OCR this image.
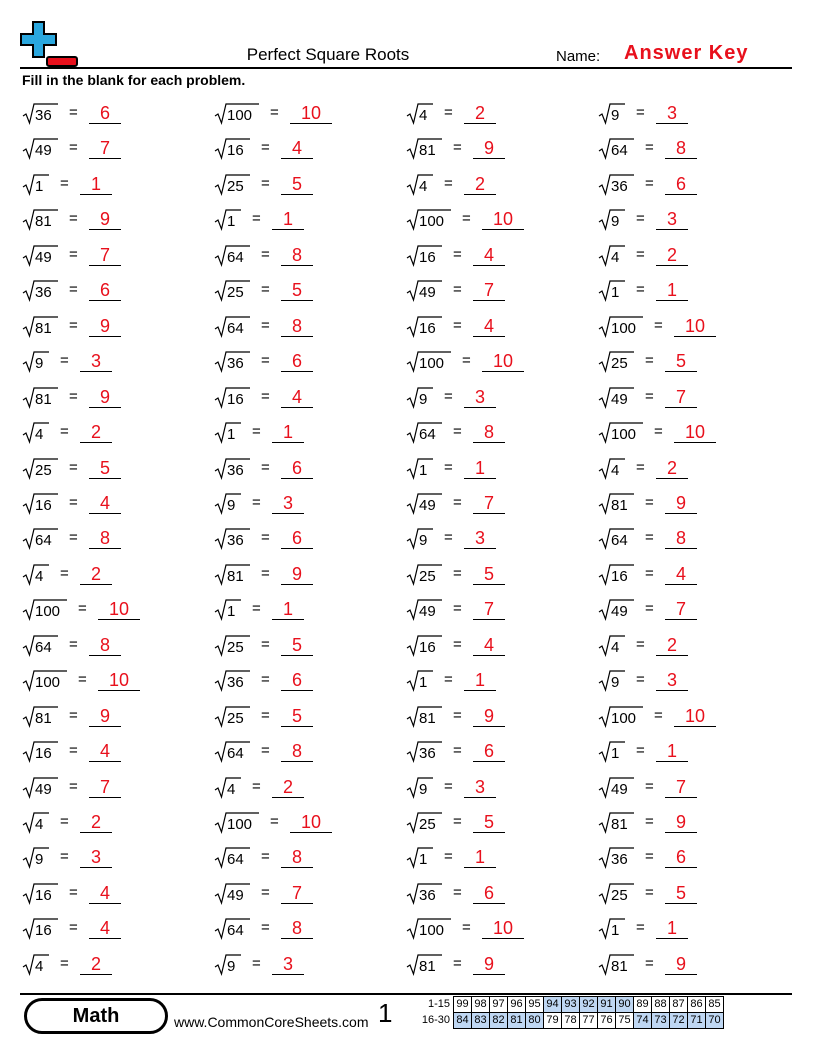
Perfect Square Roots	Name: Answer Key
Fill in the blank for each problem.
36 =	6	100 =	10	4 =	2	9 =	3
49 =	7	16 =	4	81 =	9	64 =	8
1 =	1	25 =	5	4 =	2	36 =	6
81 =	9	1 =	1	100 =	10	9 =	3
49 =	7	64 =	8	16 =	4	4 =	2
36 =	6	25 =	5	49 =	7	1 =	1
81 =	9	64 =	8	16 =	4	100 =	10
9 =	3	36 =	6	100 =	10	25 =	5
81 =	9	16 =	4	9 =	3	49 =	7
4 =	2	1 =	1	64 =	8	100 =	10
25 =	5	36 =	6	1 =	1	4 =	2
16 =	4	9 =	3	49 =	7	81 =	9
64 =	8	36 =	6	9 =	3	64 =	8
4 =	2	81 =	9	25 =	5	16 =	4
100 =	10	1 =	1	49 =	7	49 =	7
64 =	8	25 =	5	16 =	4	4 =	2
100 =	10	36 =	6	1 =	1	9 =	3
81 =	9	25 =	5	81 =	9	100 =	10
16 =	4	64 =	8	36 =	6	1 =	1
49 =	7	4 =	2	9 =	3	49 =	7
4 =	2	100 =	10	25 =	5	81 =	9
9 =	3	64 =	8	1 =	1	36 =	6
16 =	4	49 =	7	36 =	6	25 =	5
16 =	4	64 =	8	100 =	10	1 =	1
4 =	2	9 =	3	81 =	9	81 =	9
Math	www.CommonCoreSheets.com 1	1-15	99	98	97	96	95	94	93	92	91	90	89	88	87	86	85
16-30	84	83	82	81	80	79	78	77	76	75	74	73	72	71	70
